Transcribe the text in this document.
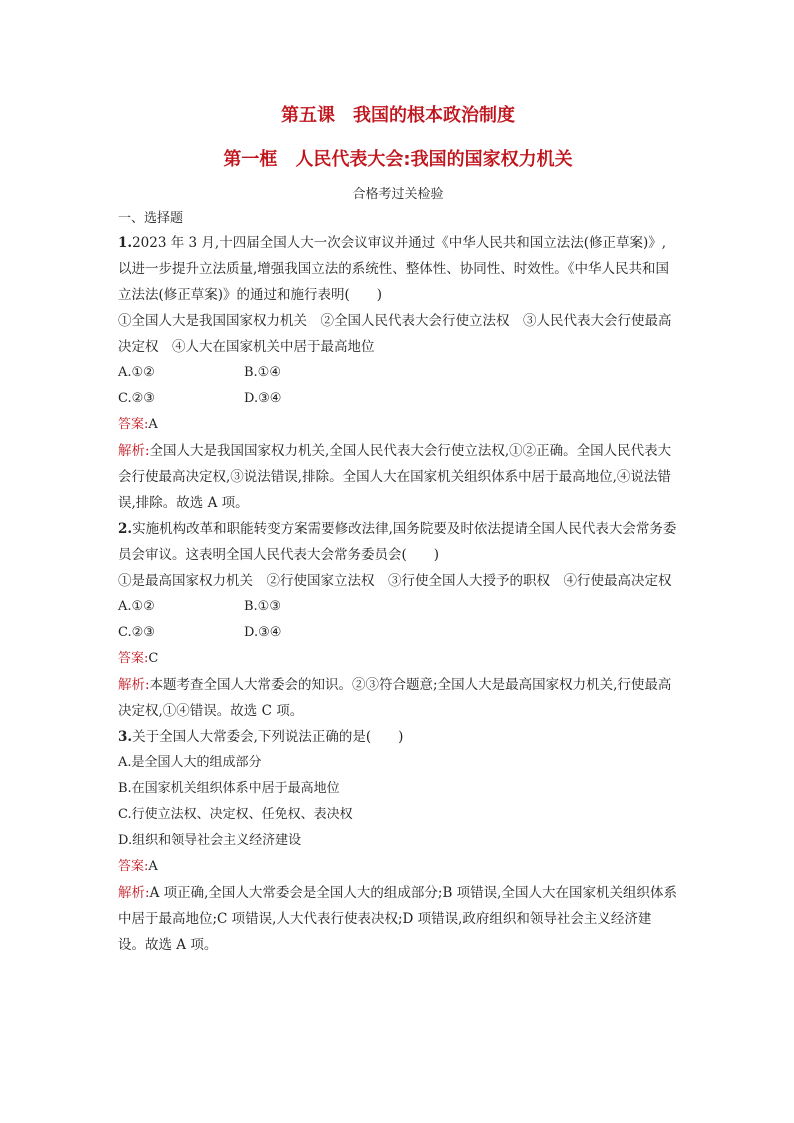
第五课　我国的根本政治制度
第一框　人民代表大会:我国的国家权力机关
合格考过关检验
一、选择题

1.2023 年 3 月,十四届全国人大一次会议审议并通过《中华人民共和国立法法(修正草案)》,以进一步提升立法质量,增强我国立法的系统性、整体性、协同性、时效性。《中华人民共和国立法法(修正草案)》的通过和施行表明(　　)

①全国人大是我国国家权力机关　②全国人民代表大会行使立法权　③人民代表大会行使最高决定权　④人大在国家机关中居于最高地位

A.①②	B.①④
C.②③	D.③④
答案:A

解析:全国人大是我国国家权力机关,全国人民代表大会行使立法权,①②正确。全国人民代表大会行使最高决定权,③说法错误,排除。全国人大在国家机关组织体系中居于最高地位,④说法错误,排除。故选 A 项。

2.实施机构改革和职能转变方案需要修改法律,国务院要及时依法提请全国人民代表大会常务委员会审议。这表明全国人民代表大会常务委员会(　　)

①是最高国家权力机关　②行使国家立法权　③行使全国人大授予的职权　④行使最高决定权

A.①②	B.①③
C.②③	D.③④
答案:C

解析:本题考查全国人大常委会的知识。②③符合题意;全国人大是最高国家权力机关,行使最高决定权,①④错误。故选 C 项。

3.关于全国人大常委会,下列说法正确的是(　　)

A.是全国人大的组成部分
B.在国家机关组织体系中居于最高地位
C.行使立法权、决定权、任免权、表决权
D.组织和领导社会主义经济建设
答案:A

解析:A 项正确,全国人大常委会是全国人大的组成部分;B 项错误,全国人大在国家机关组织体系中居于最高地位;C 项错误,人大代表行使表决权;D 项错误,政府组织和领导社会主义经济建设。故选 A 项。
